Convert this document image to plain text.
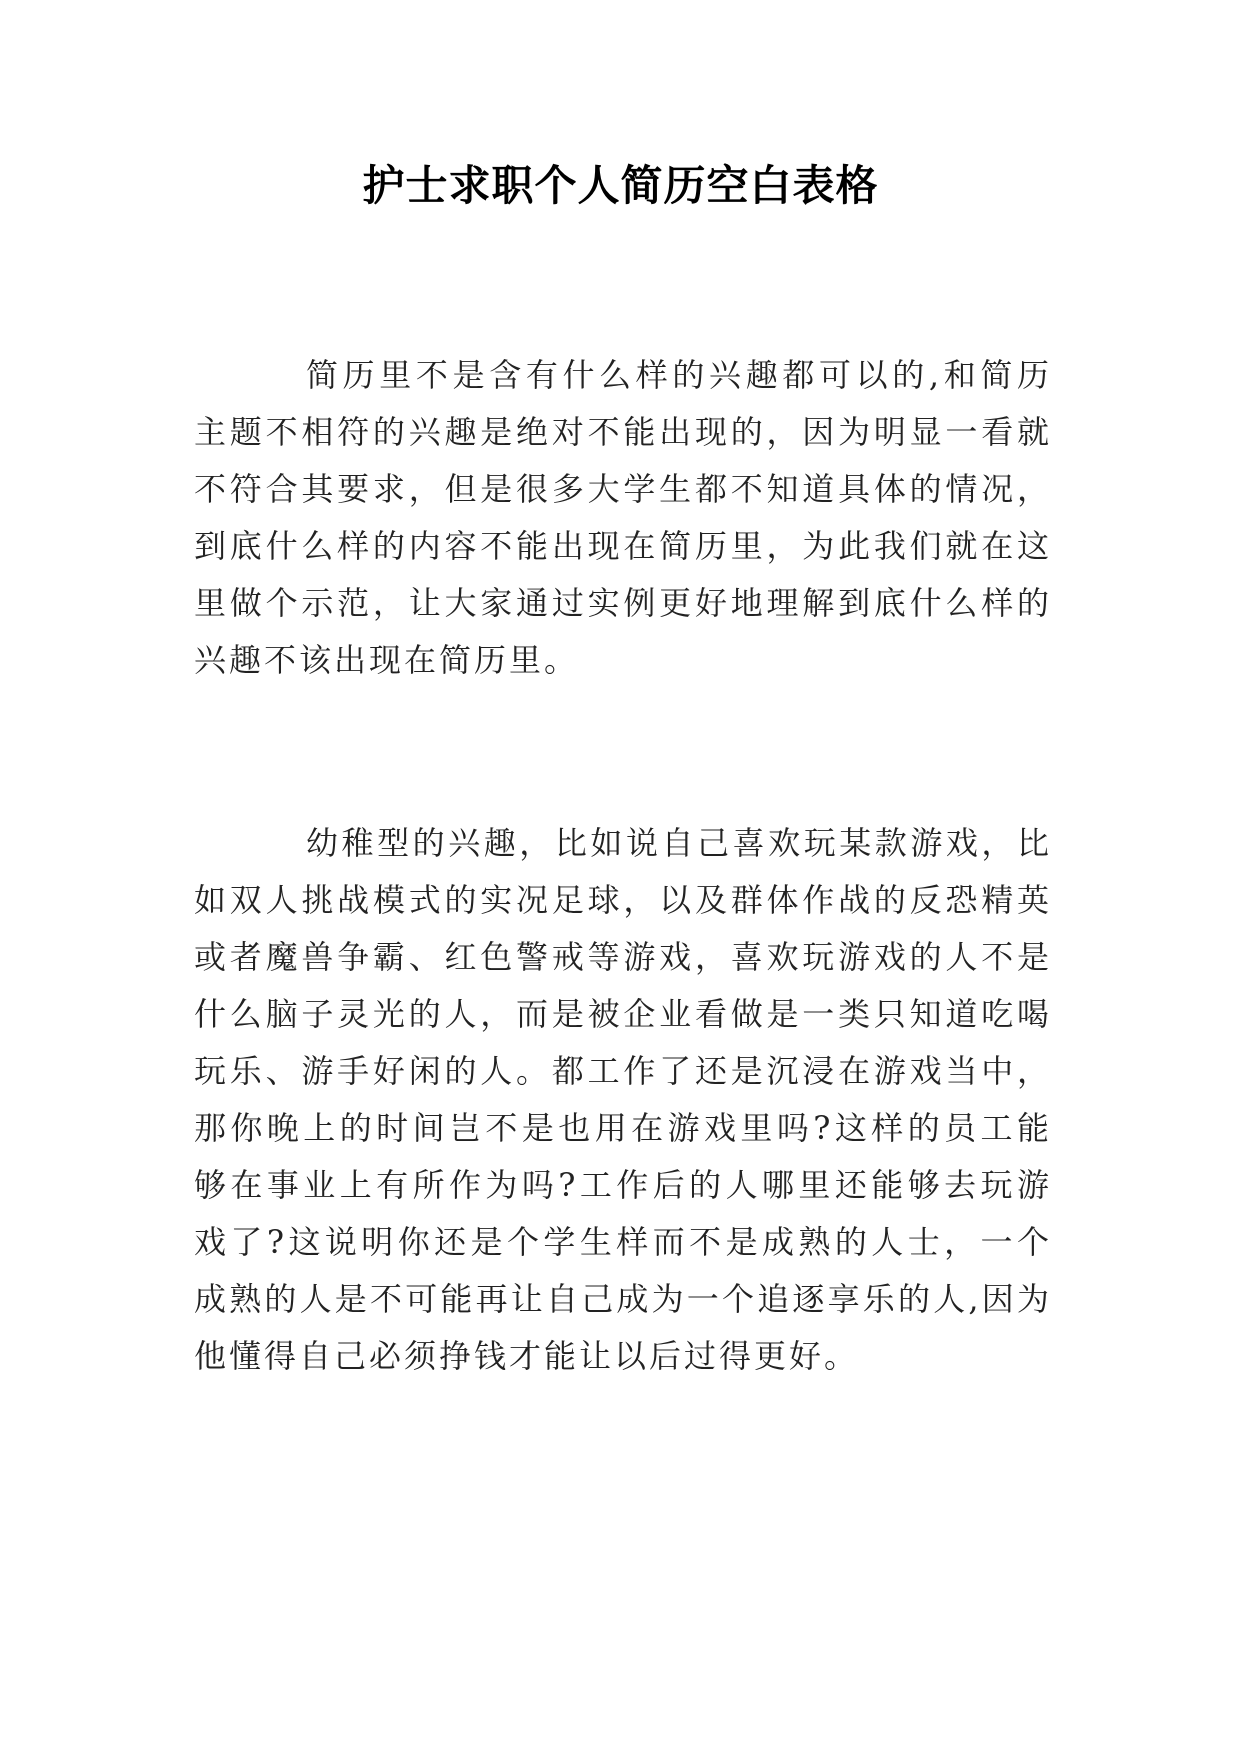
护士求职个人简历空白表格

简历里不是含有什么样的兴趣都可以的,和简历主题不相符的兴趣是绝对不能出现的，因为明显一看就不符合其要求，但是很多大学生都不知道具体的情况，到底什么样的内容不能出现在简历里，为此我们就在这里做个示范，让大家通过实例更好地理解到底什么样的兴趣不该出现在简历里。

幼稚型的兴趣，比如说自己喜欢玩某款游戏，比如双人挑战模式的实况足球，以及群体作战的反恐精英或者魔兽争霸、红色警戒等游戏，喜欢玩游戏的人不是什么脑子灵光的人，而是被企业看做是一类只知道吃喝玩乐、游手好闲的人。都工作了还是沉浸在游戏当中，那你晚上的时间岂不是也用在游戏里吗?这样的员工能够在事业上有所作为吗?工作后的人哪里还能够去玩游戏了?这说明你还是个学生样而不是成熟的人士，一个成熟的人是不可能再让自己成为一个追逐享乐的人,因为他懂得自己必须挣钱才能让以后过得更好。
